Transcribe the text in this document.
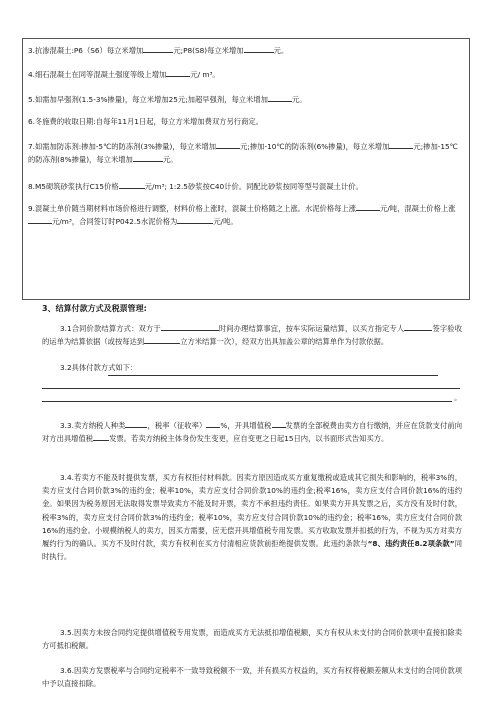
3.抗渗混凝土:P6（S6）每立米增加	元;P8(S8)每立米增加	元。
4.细石混凝土在同等混凝土强度等级上增加	元/ m³。
5.如需加早强剂(1.5-3%掺量)，每立米增加25元;加超早强剂，每立米增加	元。
6.冬施费的收取日期:自每年11月1日起，每立方米增加费双方另行商定。
7.如需加防冻剂:掺加-5℃的防冻剂(3%掺量)，每立米增加	元;掺加-10℃的防冻剂(6%掺量)，每立米增加	元;掺加-15℃的防冻剂(8%掺量)，每立米增加	元。
8.M5砌筑砂浆执行C15价格	元/m³; 1:2.5砂浆按C40计价。同配比砂浆按同等型号混凝土计价。
9.混凝土单价随当期材料市场价格进行调整，材料价格上涨时，混凝土价格随之上涨。水泥价格每上涨	元/吨，混凝土价格上涨元/m³，合同签订时P042.5水泥价格为	元/吨。
3、结算付款方式及税票管理:
3.1合同价款结算方式：双方于	时间办理结算事宜，按车实际运量结算，以买方指定专人	签字验收的运单为结算依据（或按每达到	立方米结算一次），经双方出具加盖公章的结算单作为付款依据。
3.2具体付款方式如下：
。
3.3.卖方纳税人种类	，税率（征收率） %，开具增值税 发票的全部税费由卖方自行缴纳，并应在货款支付前向对方出具增值税 发票。若卖方纳税主体身份发生变更，应自变更之日起15日内，以书面形式告知买方。
3.4.若卖方不能及时提供发票，买方有权拒付材料款。因卖方原因造成买方重复缴税或造成其它损失和影响的，税率3%的，卖方应支付合同价款3%的违约金；税率10%，卖方应支付合同价款10%的违约金;税率16%，卖方应支付合同价款16%的违约金。如果因为税务原因无法取得发票导致卖方不能及时开票，卖方不承担违约责任。如果卖方开具发票之后，买方没有及时付款，税率3%的，卖方应支付合同价款3%的违约金；税率10%，卖方应支付合同价款10%的违约金；税率16%，卖方应支付合同价款16%的违约金。小规模纳税人的卖方，因买方需要，应无偿开具增值税专用发票。买方收取发票并扣抵的行为，不视为买方对卖方履约行为的确认。买方不及时付款，卖方有权利在买方付清相应货款前拒绝提供发票。此违约条款与“8、违约责任8.2项条款”同时执行。
3.5.因卖方未按合同约定提供增值税专用发票，而造成买方无法抵扣增值税额，买方有权从未支付的合同价款项中直接扣除卖方可抵扣税额。
3.6.因卖方发票税率与合同约定税率不一致导致税额不一致，并有损买方权益的，买方有权将税额差额从未支付的合同价款项中予以直接扣除。
